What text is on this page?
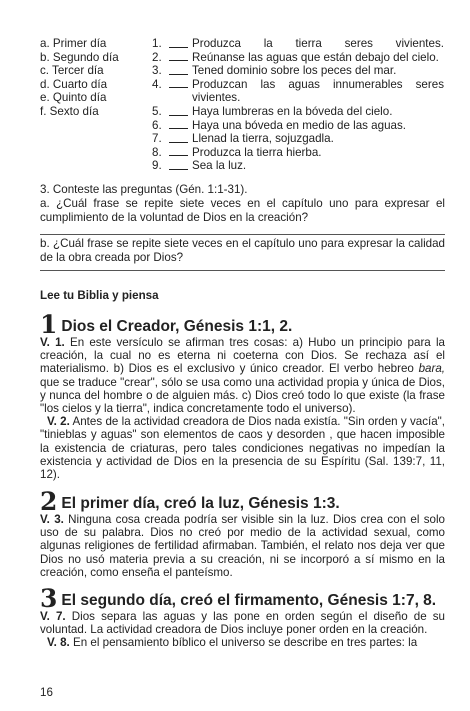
a. Primer día
b. Segundo día
c. Tercer día
d. Cuarto día
e. Quinto día
f. Sexto día
1.	Produzca la tierra seres vivientes.
2.	Reúnanse las aguas que están debajo del cielo.
3.	Tened dominio sobre los peces del mar.
4.	Produzcan las aguas innumerables seres
vivientes.
5.	Haya lumbreras en la bóveda del cielo.
6.	Haya una bóveda en medio de las aguas.
7.	Llenad la tierra, sojuzgadla.
8.	Produzca la tierra hierba.
9.	Sea la luz.
3. Conteste las preguntas (Gén. 1:1-31).
a. ¿Cuál frase se repite siete veces en el capítulo uno para expresar el cumplimiento de la voluntad de Dios en la creación?
b. ¿Cuál frase se repite siete veces en el capítulo uno para expresar la calidad de la obra creada por Dios?
Lee tu Biblia y piensa
1 Dios el Creador, Génesis 1:1, 2.

V. 1. En este versículo se afirman tres cosas: a) Hubo un principio para la creación, la cual no es eterna ni coeterna con Dios. Se rechaza así el materialismo. b) Dios es el exclusivo y único creador. El verbo hebreo bara, que se traduce "crear", sólo se usa como una actividad propia y única de Dios, y nunca del hombre o de alguien más. c) Dios creó todo lo que existe (la frase "los cielos y la tierra", indica concretamente todo el universo).

V. 2. Antes de la actividad creadora de Dios nada existía. "Sin orden y vacía", "tinieblas y aguas" son elementos de caos y desorden , que hacen imposible la existencia de criaturas, pero tales condiciones negativas no impedían la existencia y actividad de Dios en la presencia de su Espíritu (Sal. 139:7, 11, 12).

2 El primer día, creó la luz, Génesis 1:3.

V. 3. Ninguna cosa creada podría ser visible sin la luz. Dios crea con el solo uso de su palabra. Dios no creó por medio de la actividad sexual, como algunas religiones de fertilidad afirmaban. También, el relato nos deja ver que Dios no usó materia previa a su creación, ni se incorporó a sí mismo en la creación, como enseña el panteísmo.

3 El segundo día, creó el firmamento, Génesis 1:7, 8.

V. 7. Dios separa las aguas y las pone en orden según el diseño de su voluntad. La actividad creadora de Dios incluye poner orden en la creación.

V. 8. En el pensamiento bíblico el universo se describe en tres partes: la

16
